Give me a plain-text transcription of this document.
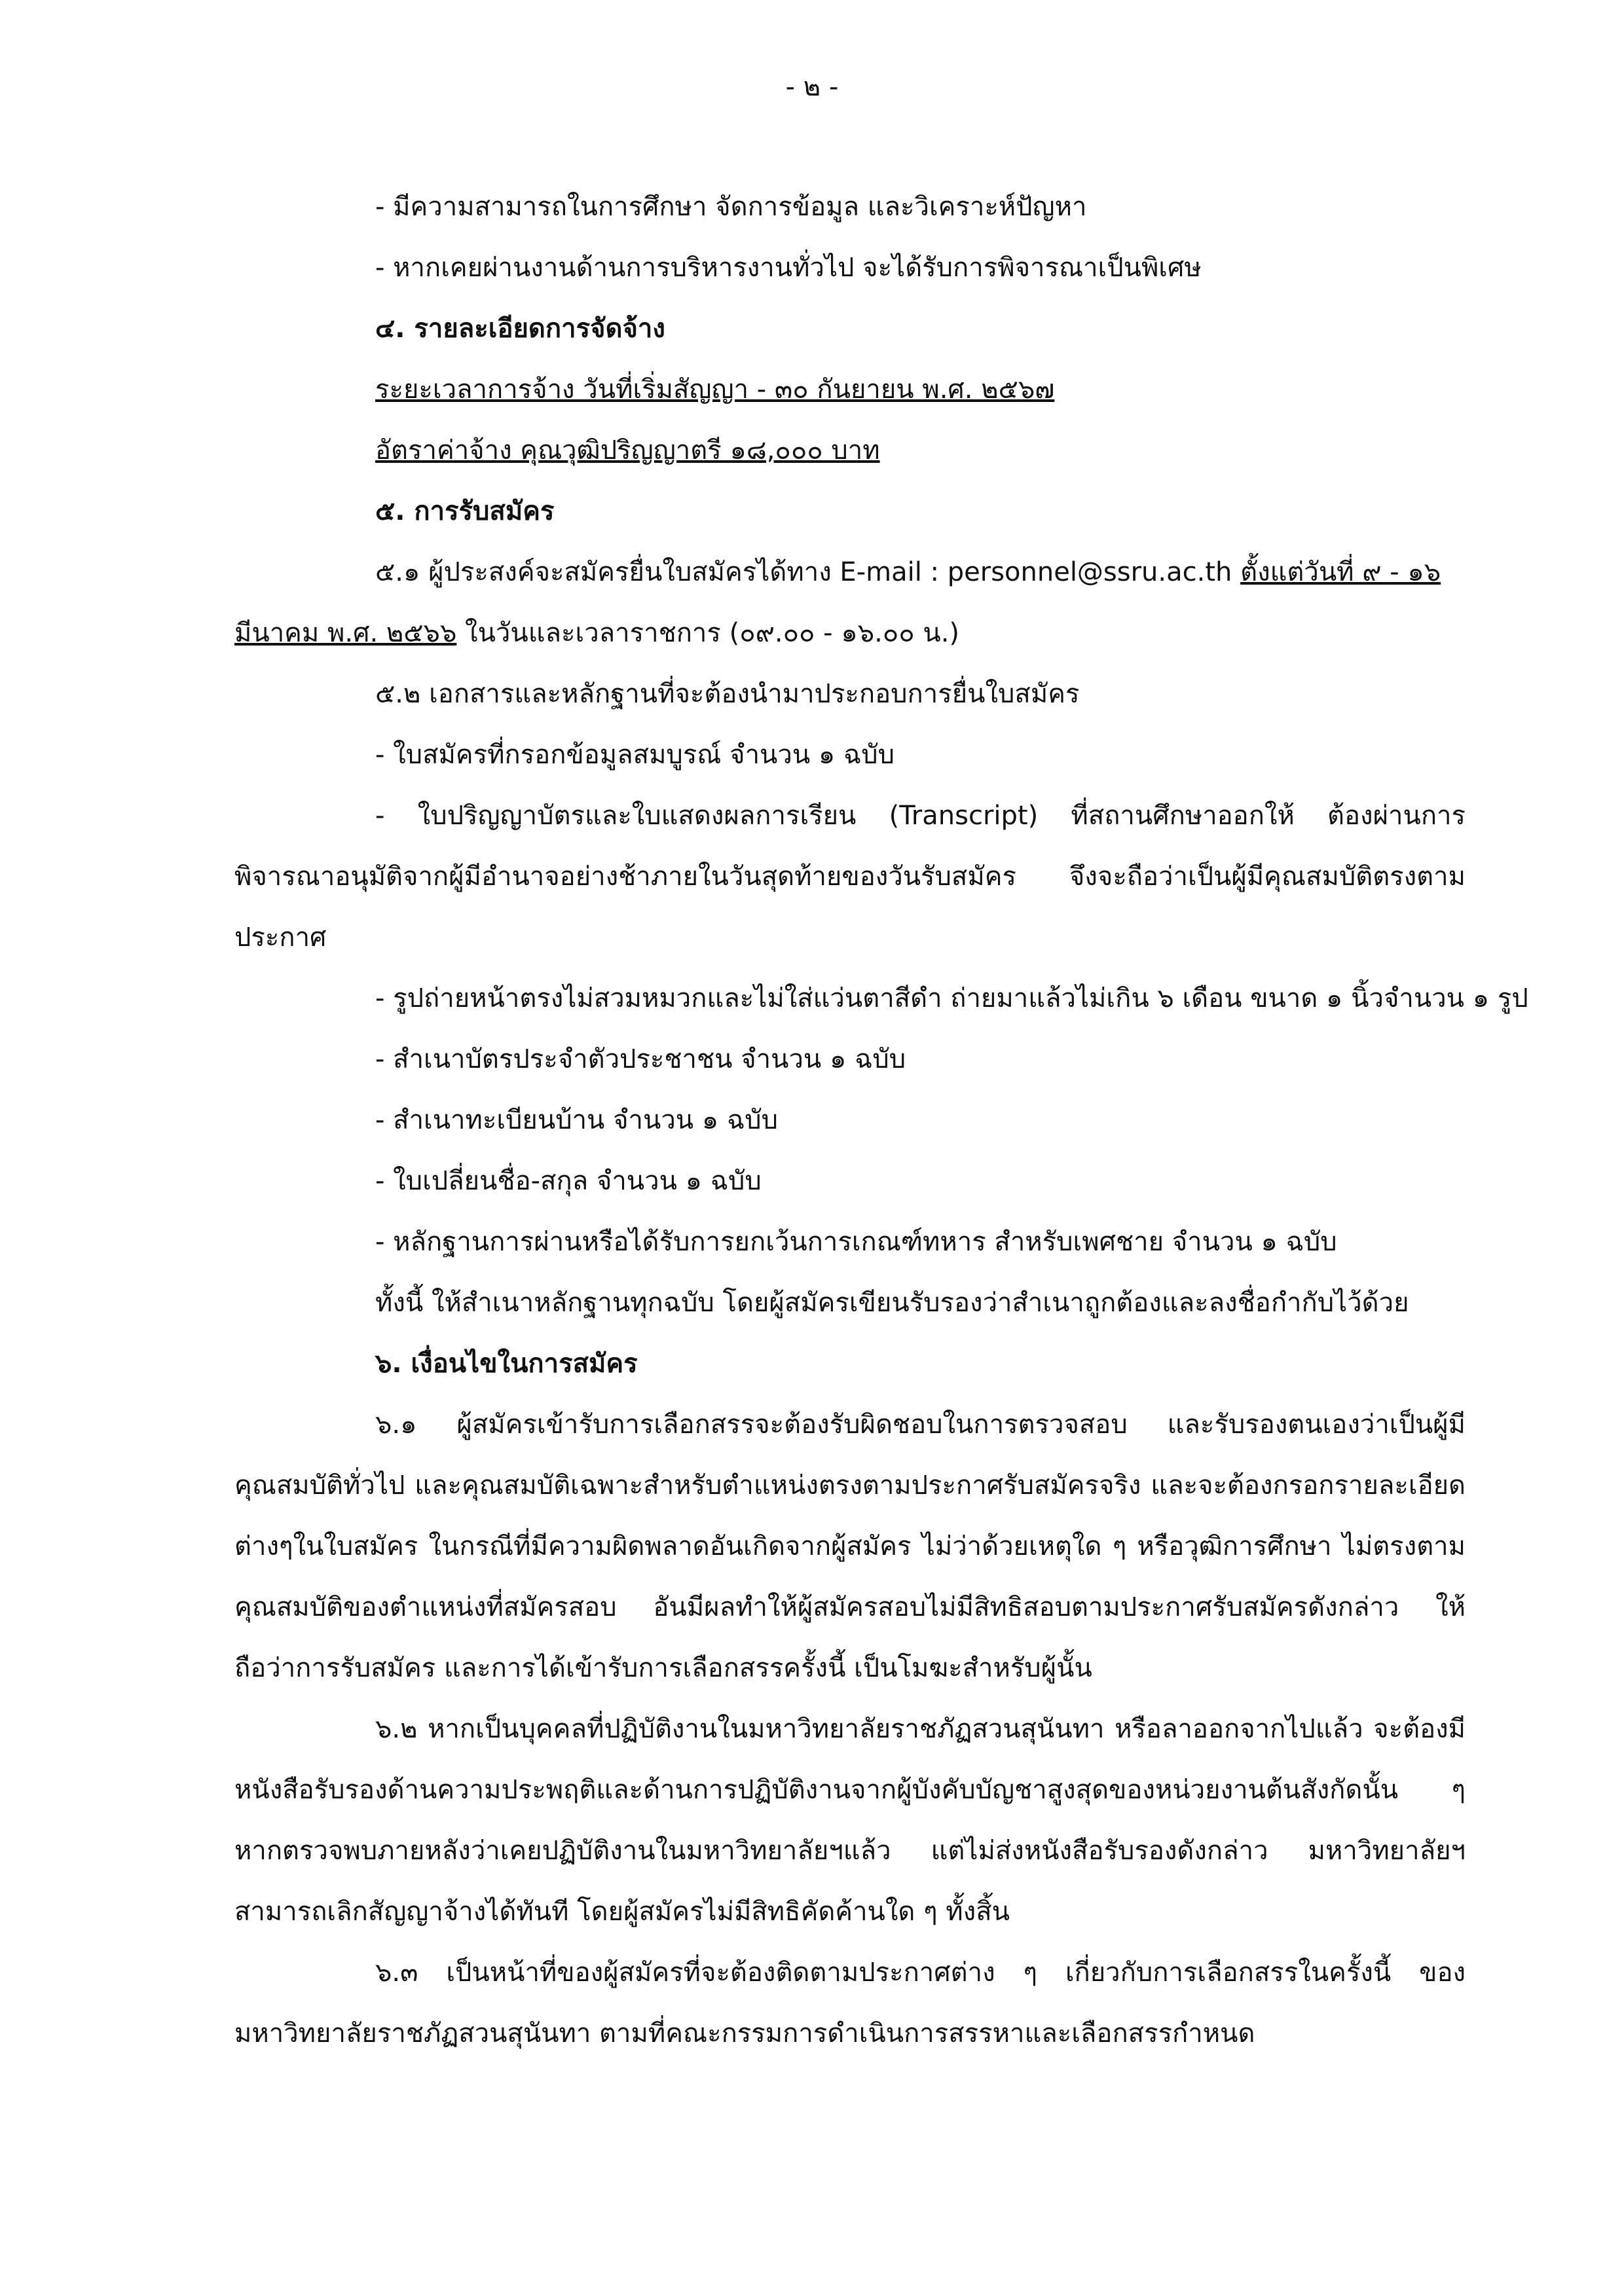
- ๒ -

- มีความสามารถในการศึกษา จัดการข้อมูล และวิเคราะห์ปัญหา

- หากเคยผ่านงานด้านการบริหารงานทั่วไป จะได้รับการพิจารณาเป็นพิเศษ

๔. รายละเอียดการจัดจ้าง

ระยะเวลาการจ้าง วันที่เริ่มสัญญา - ๓๐ กันยายน พ.ศ. ๒๕๖๗

อัตราค่าจ้าง คุณวุฒิปริญญาตรี ๑๘,๐๐๐ บาท

๕. การรับสมัคร

๕.๑ ผู้ประสงค์จะสมัครยื่นใบสมัครได้ทาง E-mail : personnel@ssru.ac.th ตั้งแต่วันที่ ๙ - ๑๖

มีนาคม พ.ศ. ๒๕๖๖ ในวันและเวลาราชการ (๐๙.๐๐ - ๑๖.๐๐ น.)

๕.๒ เอกสารและหลักฐานที่จะต้องนำมาประกอบการยื่นใบสมัคร

- ใบสมัครที่กรอกข้อมูลสมบูรณ์ จำนวน ๑ ฉบับ

- ใบปริญญาบัตรและใบแสดงผลการเรียน (Transcript) ที่สถานศึกษาออกให้ ต้องผ่านการพิจารณาอนุมัติจากผู้มีอำนาจอย่างช้าภายในวันสุดท้ายของวันรับสมัคร จึงจะถือว่าเป็นผู้มีคุณสมบัติตรงตามประกาศ

- รูปถ่ายหน้าตรงไม่สวมหมวกและไม่ใส่แว่นตาสีดำ ถ่ายมาแล้วไม่เกิน ๖ เดือน ขนาด ๑ นิ้วจำนวน ๑ รูป

- สำเนาบัตรประจำตัวประชาชน จำนวน ๑ ฉบับ

- สำเนาทะเบียนบ้าน จำนวน ๑ ฉบับ

- ใบเปลี่ยนชื่อ-สกุล จำนวน ๑ ฉบับ

- หลักฐานการผ่านหรือได้รับการยกเว้นการเกณฑ์ทหาร สำหรับเพศชาย จำนวน ๑ ฉบับ

ทั้งนี้ ให้สำเนาหลักฐานทุกฉบับ โดยผู้สมัครเขียนรับรองว่าสำเนาถูกต้องและลงชื่อกำกับไว้ด้วย

๖. เงื่อนไขในการสมัคร

๖.๑ ผู้สมัครเข้ารับการเลือกสรรจะต้องรับผิดชอบในการตรวจสอบ และรับรองตนเองว่าเป็นผู้มีคุณสมบัติทั่วไป และคุณสมบัติเฉพาะสำหรับตำแหน่งตรงตามประกาศรับสมัครจริง และจะต้องกรอกรายละเอียดต่างๆในใบสมัคร ในกรณีที่มีความผิดพลาดอันเกิดจากผู้สมัคร ไม่ว่าด้วยเหตุใด ๆ หรือวุฒิการศึกษา ไม่ตรงตามคุณสมบัติของตำแหน่งที่สมัครสอบ อันมีผลทำให้ผู้สมัครสอบไม่มีสิทธิสอบตามประกาศรับสมัครดังกล่าว ให้ถือว่าการรับสมัคร และการได้เข้ารับการเลือกสรรครั้งนี้ เป็นโมฆะสำหรับผู้นั้น

๖.๒ หากเป็นบุคคลที่ปฏิบัติงานในมหาวิทยาลัยราชภัฏสวนสุนันทา หรือลาออกจากไปแล้ว จะต้องมีหนังสือรับรองด้านความประพฤติและด้านการปฏิบัติงานจากผู้บังคับบัญชาสูงสุดของหน่วยงานต้นสังกัดนั้น ๆ หากตรวจพบภายหลังว่าเคยปฏิบัติงานในมหาวิทยาลัยฯแล้ว แต่ไม่ส่งหนังสือรับรองดังกล่าว มหาวิทยาลัยฯ สามารถเลิกสัญญาจ้างได้ทันที โดยผู้สมัครไม่มีสิทธิคัดค้านใด ๆ ทั้งสิ้น

๖.๓ เป็นหน้าที่ของผู้สมัครที่จะต้องติดตามประกาศต่าง ๆ เกี่ยวกับการเลือกสรรในครั้งนี้ ของมหาวิทยาลัยราชภัฏสวนสุนันทา ตามที่คณะกรรมการดำเนินการสรรหาและเลือกสรรกำหนด
